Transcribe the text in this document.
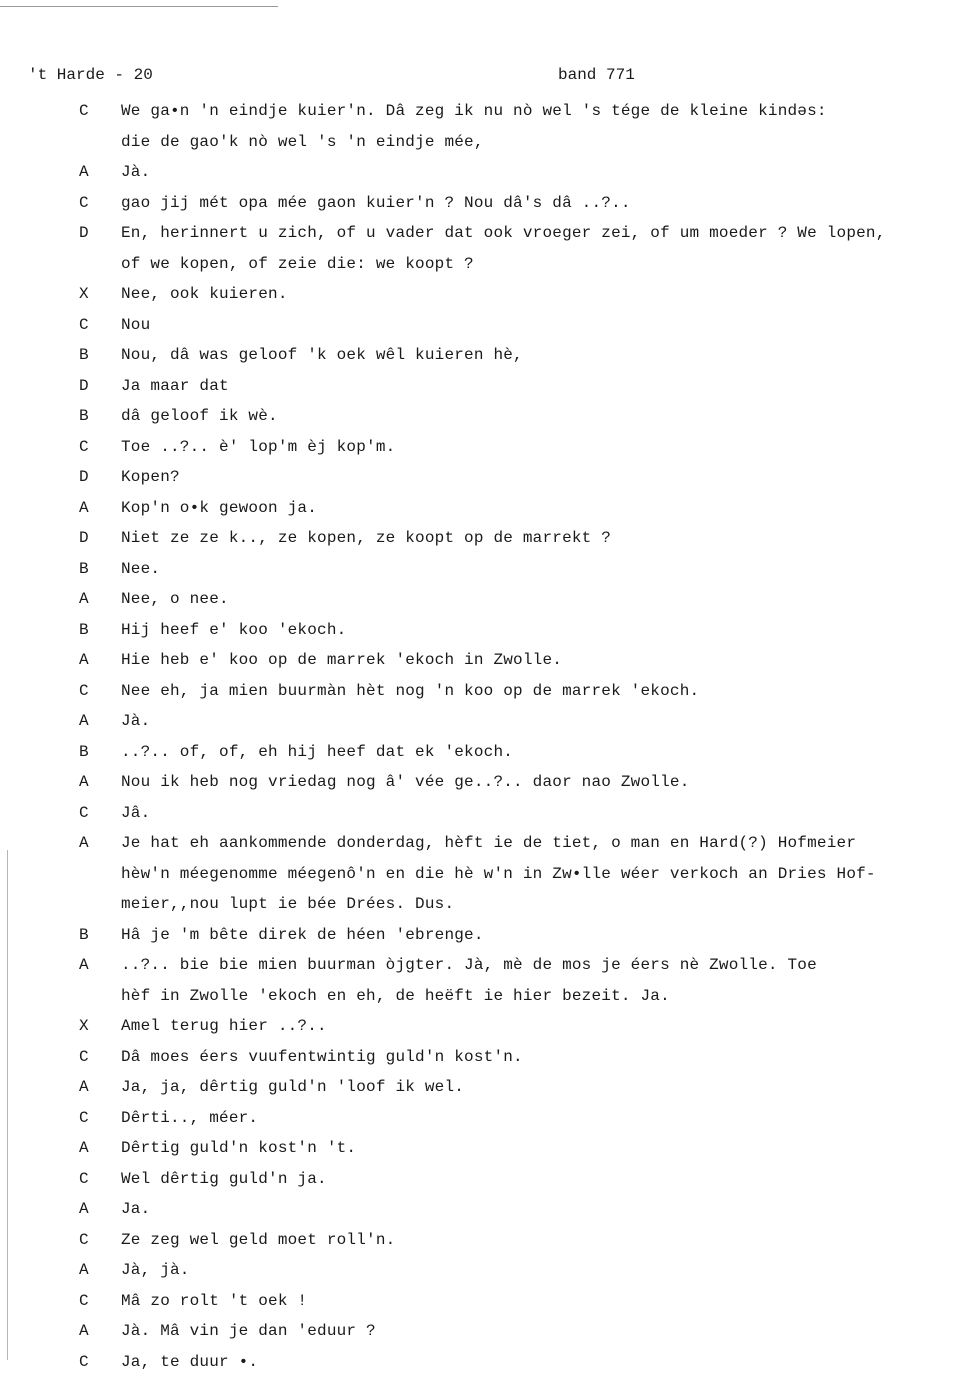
't Harde - 20	band 771
C	We ga•n 'n eindje kuier'n. Dâ zeg ik nu nò wel 's tége de kleine kindəs:
die de gao'k nò wel 's 'n eindje mée,
A	Jà.
C	gao jij mét opa mée gaon kuier'n ? Nou dâ's dâ ..?..
D	En, herinnert u zich, of u vader dat ook vroeger zei, of um moeder ? We lopen,
of we kopen, of zeie die: we koopt ?
X	Nee, ook kuieren.
C	Nou
B	Nou, dâ was geloof 'k oek wêl kuieren hè,
D	Ja maar dat
B	dâ geloof ik wè.
C	Toe ..?.. è' lop'm èj kop'm.
D	Kopen?
A	Kop'n o•k gewoon ja.
D	Niet ze ze k.., ze kopen, ze koopt op de marrekt ?
B	Nee.
A	Nee, o nee.
B	Hij heef e' koo 'ekoch.
A	Hie heb e' koo op de marrek 'ekoch in Zwolle.
C	Nee eh, ja mien buurmàn hèt nog 'n koo op de marrek 'ekoch.
A	Jà.
B	..?.. of, of, eh hij heef dat ek 'ekoch.
A	Nou ik heb nog vriedag nog â' vée ge..?.. daor nao Zwolle.
C	Jâ.
A	Je hat eh aankommende donderdag, hèft ie de tiet, o man en Hard(?) Hofmeier
hèw'n méegenomme méegenô'n en die hè w'n in Zw•lle wéer verkoch an Dries Hof-
meier,,nou lupt ie bée Drées. Dus.
B	Hâ je 'm bête direk de héen 'ebrenge.
A	..?.. bie bie mien buurman òjgter. Jà, mè de mos je éers nè Zwolle. Toe
hèf in Zwolle 'ekoch en eh, de heëft ie hier bezeit. Ja.
X	Amel terug hier ..?..
C	Dâ moes éers vuufentwintig guld'n kost'n.
A	Ja, ja, dêrtig guld'n 'loof ik wel.
C	Dêrti.., méer.
A	Dêrtig guld'n kost'n 't.
C	Wel dêrtig guld'n ja.
A	Ja.
C	Ze zeg wel geld moet roll'n.
A	Jà, jà.
C	Mâ zo rolt 't oek !
A	Jà. Mâ vin je dan 'eduur ?
C	Ja, te duur •.
